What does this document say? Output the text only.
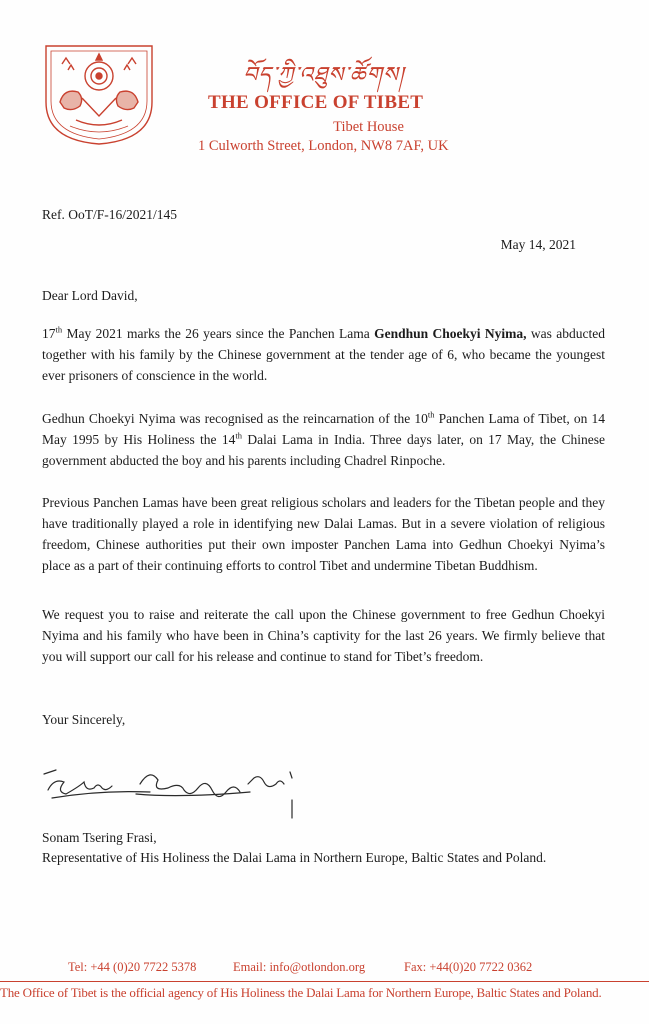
བོད་ཀྱི་འཐུས་ཚོགས།
THE OFFICE OF TIBET
Tibet House
1 Culworth Street, London, NW8 7AF, UK
Ref. OoT/F-16/2021/145
May 14, 2021
Dear Lord David,
17th May 2021 marks the 26 years since the Panchen Lama Gendhun Choekyi Nyima, was abducted together with his family by the Chinese government at the tender age of 6, who became the youngest ever prisoners of conscience in the world.
Gedhun Choekyi Nyima was recognised as the reincarnation of the 10th Panchen Lama of Tibet, on 14 May 1995 by His Holiness the 14th Dalai Lama in India. Three days later, on 17 May, the Chinese government abducted the boy and his parents including Chadrel Rinpoche.
Previous Panchen Lamas have been great religious scholars and leaders for the Tibetan people and they have traditionally played a role in identifying new Dalai Lamas. But in a severe violation of religious freedom, Chinese authorities put their own imposter Panchen Lama into Gedhun Choekyi Nyima’s place as a part of their continuing efforts to control Tibet and undermine Tibetan Buddhism.
We request you to raise and reiterate the call upon the Chinese government to free Gedhun Choekyi Nyima and his family who have been in China’s captivity for the last 26 years. We firmly believe that you will support our call for his release and continue to stand for Tibet’s freedom.
Your Sincerely,
Sonam Tsering Frasi,
Representative of His Holiness the Dalai Lama in Northern Europe, Baltic States and Poland.
Tel: +44 (0)20 7722 5378	Email: info@otlondon.org	Fax: +44(0)20 7722 0362
The Office of Tibet is the official agency of His Holiness the Dalai Lama for Northern Europe, Baltic States and Poland.
